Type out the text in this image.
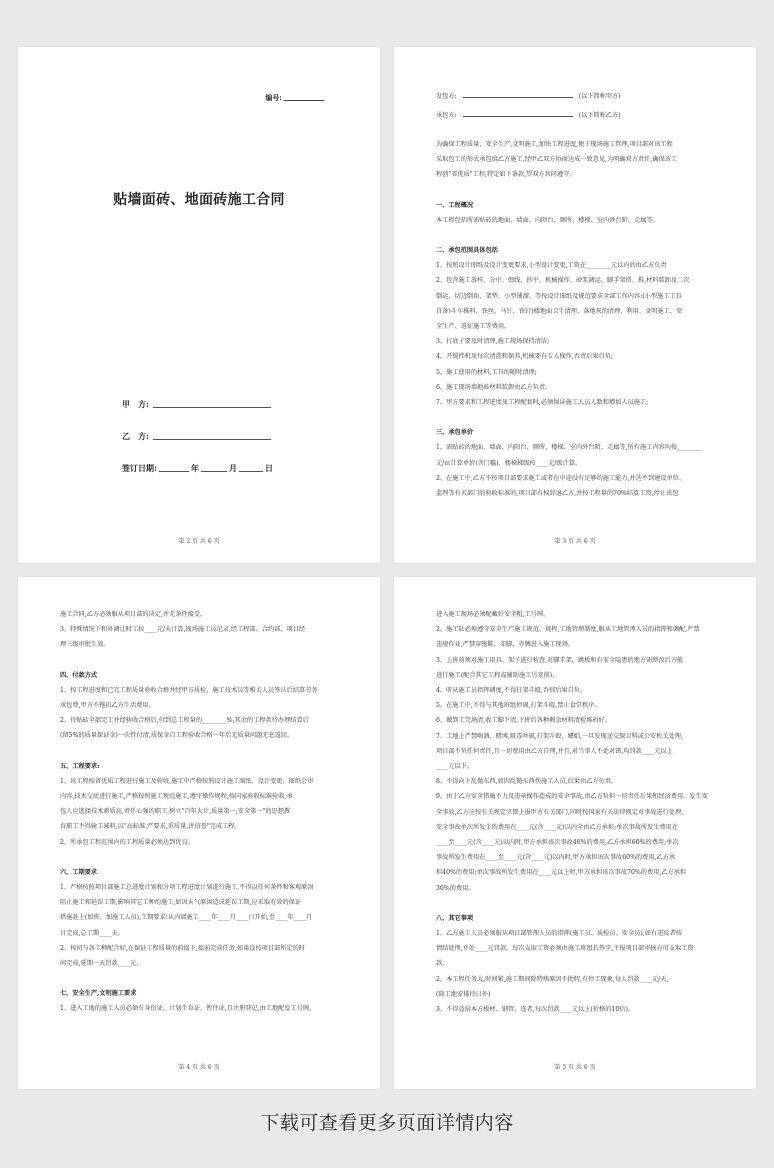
编号:
贴墙面砖、地面砖施工合同
甲　方:
乙　方:
签订日期:	年	月	日
第 2 页 共 6 页
发包方:	(以下简称甲方)
承包方:	(以下简称乙方)

为确保工程质量、安全生产,文明施工,加快工程进度,便于现场施工管理,项目部对该工程

采取包工的形式承包给乙方施工,经甲乙双方协商达成一致意见,为明确双方责任,确保该工

程创"省优质"工程,特定如下条款,望双方共同遵守。

一、工程概况

本工程包括所需贴砖的地面、墙面、内阳台、厕所、楼梯、室内外台阶、走廊等。

二、承包范围具体包括

1、按照设计图纸及设计变更要求,小型设计变更,工资在________元以内的由乙方负责

2、包含施工放样、分中、弹线、抄平、机械操作、砂浆调运、脚手架搭、拆,材料装卸及二次

倒运、切边倒角、架垫、小型铺溜、等按设计图纸及规范要求全部工作内容:(小型施工工具

自备)斗车推料、铁丝、马钉、铁钉)楼地面卫生清理、落地灰的清理、利用、文明施工、安

全生产、返征施工等费用。

3、打底子要及时清理,施工现场保持清洁;

4、开搅拌机及每次清洗和保养,机械要有专人操作,否责后果自负;

5、施工使用的材料,工具的随时清理;

6、施工现场墙地砖材料装卸由乙方负责。

7、甲方要求和工程进度及工程配套时,必须保证施工人员人数和增加人员施工;

三、承包单价

1、需贴砖的地面、墙面、内阳台、厕所、楼梯、室内外台阶、走廊等,所有施工内容均按________

元/㎡计算单价(含门槛)、楼梯梯级按____元/级计算。

2、在施工中,乙方不按项目部要求施工或者在中途没有足够的施工能力,并达不到建设单位、

监理等有关部门的验收标准的,项目部有权辞退乙方,并按工程量的70%结算工资,停止该包

第 3 页 共 6 页

施工合同,乙方必须服从项目部的决定,并无条件接受。

3、特殊情况下和外调让时工按____元/天计算,现场施工员记录,经工程部、合约部、项目经

理三级审批生效。

四、付款方式

1、按工程进度和已完工程质量验收合格并经甲方质检、施工技术员等相关人员签认后结算劳务

承包费,甲方不拖扣乙方生活费用。

2、待贴砖全部完工并经验收合格后,付到总工程量的________%,其余的工程款待办理结算后

(留5%的质量保证金)一次性付清,质保金自工程验收合格一年后无质量问题无息返回。

五、工程要求:

1、该工程按省优质工程进行施工及验收,施工中严格按照设计施工图纸、设计变更、图纸会审

内容,技术交底进行施工,严格按照施工规范施工,遵守操作规程,按国家验收标准验收,承

包人应选择技术素质高,责任心强的职工,树立"百年大计,质量第一,安全第一"的思想教

育职工不得偷工减料,以"高标准,严要求,重质量,讲信誉"完成工程。

2、所承包工程范围内的工程质量必须达到优良。

六、工期要求

1、严格按照项目部施工总进度计划和分项工程进度计划进行施工,不得以任何条件和客观原因

阻止施工和延误工期,影响其它工种的施工,如因天气原因造成延误工期,应采取有效的保证

措施赶上(加班、加施工人员),工期要求:从内墙施工____年____月____日开始,至____年____月

日完成,总工期____天。

2、按切与各工种配合好,在保证工程质量的前提下,提前完成任务,如果没按项目部所定的时

间完成,延期一天罚款____元。

七、安全生产,文明施工要求

1、进入工地的施工人员必须有身份证、计划生育证、暂住证,且注册登记,由工地配发工号牌,

第 4 页 共 6 页

进入施工现场必须配戴好安全帽,工号牌。

2、施工队必须遵守安全生产施工规范、规程,工地管理制度,服从工地管理人员的指挥和调配,严禁

违规作业,严禁穿拖鞋、赤脚、赤膊进入施工现场。

3、上班前须对施工用具、架子进行检查,对脚手架、跳板和有安全隐患的地方需整改后方能

进行施工(配合其它工程或辅助施工另安排)。

4、听从施工员指挥调度,不得打架斗殴,否则后果自负。

5、在施工中,不得与其他班组停闹,打架斗殴,禁止食堂秩序。

6、做到工完场清,收工脚下清,下班后各种剩余材料清检堆码好。

7、工地上严禁喝酒、赌博,吸毒吵闹,打架斗殴、嫖娼,一旦发现送交保卫科或公安机关处理,

项目部不负任何责任,且一切费用由乙方自理,并且,对当事人不论对错,均罚款____元以上

____元以下。

8、不得向下乱抛东西,如因乱抛东西伤施工人员,后果由乙方负责。

9、由于乙方安全措施不力及违章操作造成的安全事故,由乙方负担一切责任后果和经济费用。发生安

全事故,乙方应按有关规定立即上报甲方有关部门,同时按国家有关法律规定对事故进行处理,

安全事故单次所发生的费用在____元(含____元)以内全由乙方承担;单次事故所发生费用在

____至____元(含____元)以内时,甲方承担该次事故40%的费用,乙方承担60%的费用;单次

事故所发生费用在____至____元(含____元)以内时,甲方承担该次事故60%的费用,乙方承

担40%的费用;单次事故所发生费用在____元以上时,甲方承担该次事故70%的费用,乙方承担

30%的费用。

八、其它事项

1、乙方施工人员必须服从项目部管理人员的指挥(施工员、质检员、安全员),如有违反者按

情结处理,并处____元罚款。每次支取工资必须由施工班组长签字,主报项目部审核方可支取工资

款。

2、本工程任务大,时间紧,施工期间除特殊原因不批假,有停工现象,每人罚款____元/天,

(除工地安排待日外)

3、不得盗窃本方板材、钢管、连者,每次罚款____元以上(价格的10倍)。

第 5 页 共 6 页
下载可查看更多页面详情内容
